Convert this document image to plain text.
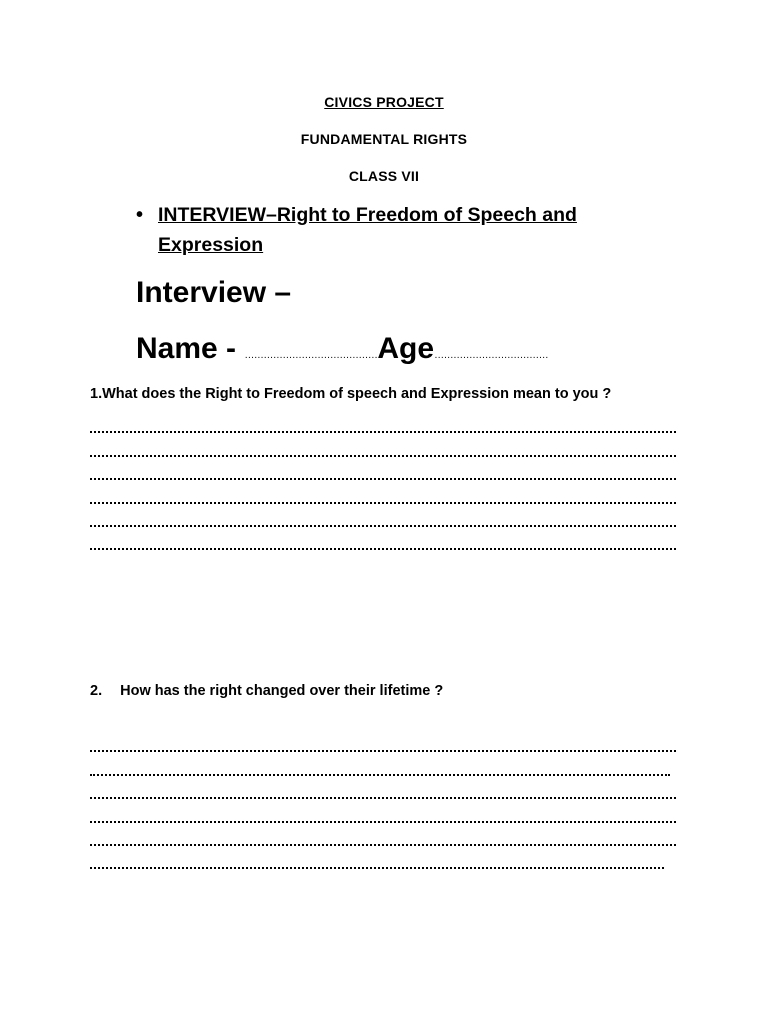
CIVICS PROJECT
FUNDAMENTAL RIGHTS
CLASS VII
• INTERVIEW–Right to Freedom of Speech and Expression
Interview –
Name - ……………………………………Age………………………………
1.What does the Right to Freedom of speech and Expression mean to you ?
2. How has the right changed over their lifetime ?
